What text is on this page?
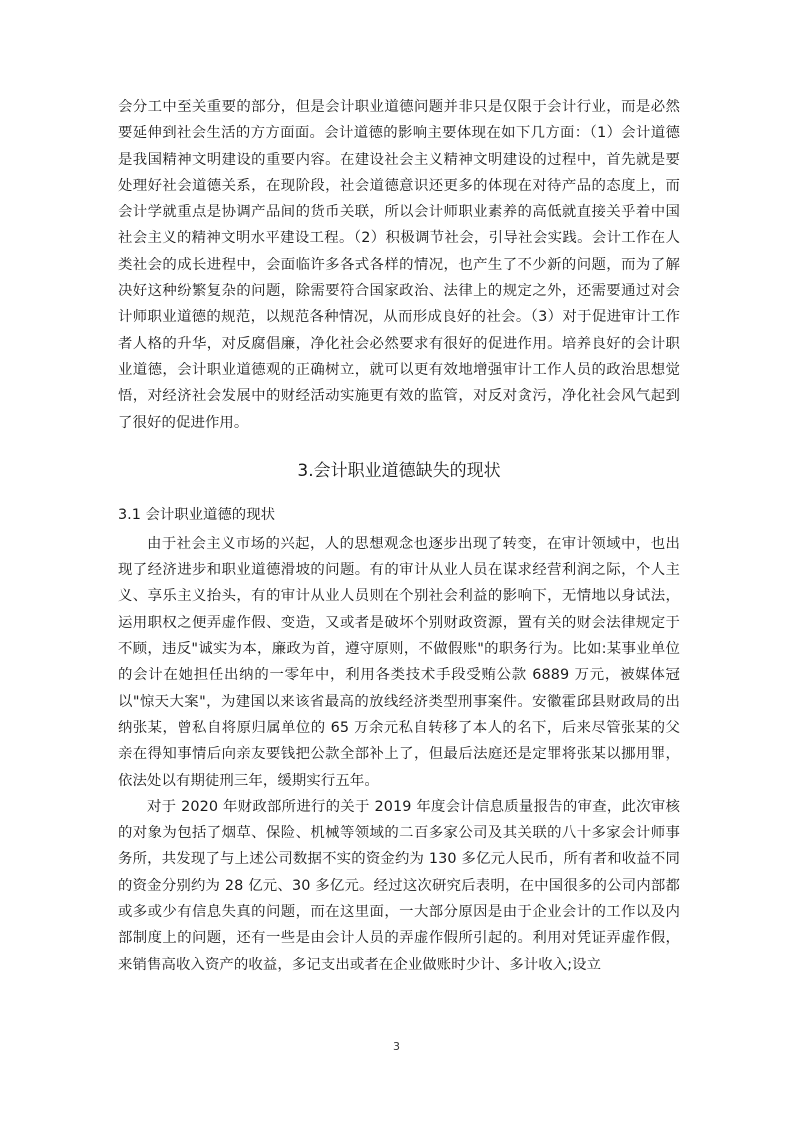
会分工中至关重要的部分，但是会计职业道德问题并非只是仅限于会计行业，而是必然要延伸到社会生活的方方面面。会计道德的影响主要体现在如下几方面：（1）会计道德是我国精神文明建设的重要内容。在建设社会主义精神文明建设的过程中，首先就是要处理好社会道德关系，在现阶段，社会道德意识还更多的体现在对待产品的态度上，而会计学就重点是协调产品间的货币关联，所以会计师职业素养的高低就直接关乎着中国社会主义的精神文明水平建设工程。（2）积极调节社会，引导社会实践。会计工作在人类社会的成长进程中，会面临许多各式各样的情况，也产生了不少新的问题，而为了解决好这种纷繁复杂的问题，除需要符合国家政治、法律上的规定之外，还需要通过对会计师职业道德的规范，以规范各种情况，从而形成良好的社会。（3）对于促进审计工作者人格的升华，对反腐倡廉，净化社会必然要求有很好的促进作用。培养良好的会计职业道德，会计职业道德观的正确树立，就可以更有效地增强审计工作人员的政治思想觉悟，对经济社会发展中的财经活动实施更有效的监管，对反对贪污，净化社会风气起到了很好的促进作用。

3.会计职业道德缺失的现状
3.1 会计职业道德的现状

由于社会主义市场的兴起，人的思想观念也逐步出现了转变，在审计领域中，也出现了经济进步和职业道德滑坡的问题。有的审计从业人员在谋求经营利润之际，个人主义、享乐主义抬头，有的审计从业人员则在个别社会利益的影响下，无情地以身试法，运用职权之便弄虚作假、变造，又或者是破坏个别财政资源，置有关的财会法律规定于不顾，违反"诚实为本，廉政为首，遵守原则，不做假账"的职务行为。比如:某事业单位的会计在她担任出纳的一零年中，利用各类技术手段受贿公款 6889 万元，被媒体冠以"惊天大案"，为建国以来该省最高的放线经济类型刑事案件。安徽霍邱县财政局的出纳张某，曾私自将原归属单位的 65 万余元私自转移了本人的名下，后来尽管张某的父亲在得知事情后向亲友要钱把公款全部补上了，但最后法庭还是定罪将张某以挪用罪，依法处以有期徒刑三年，缓期实行五年。

对于 2020 年财政部所进行的关于 2019 年度会计信息质量报告的审查，此次审核的对象为包括了烟草、保险、机械等领域的二百多家公司及其关联的八十多家会计师事务所，共发现了与上述公司数据不实的资金约为 130 多亿元人民币，所有者和收益不同的资金分别约为 28 亿元、30 多亿元。经过这次研究后表明，在中国很多的公司内部都或多或少有信息失真的问题，而在这里面，一大部分原因是由于企业会计的工作以及内部制度上的问题，还有一些是由会计人员的弄虚作假所引起的。利用对凭证弄虚作假，来销售高收入资产的收益，多记支出或者在企业做账时少计、多计收入;设立

3
